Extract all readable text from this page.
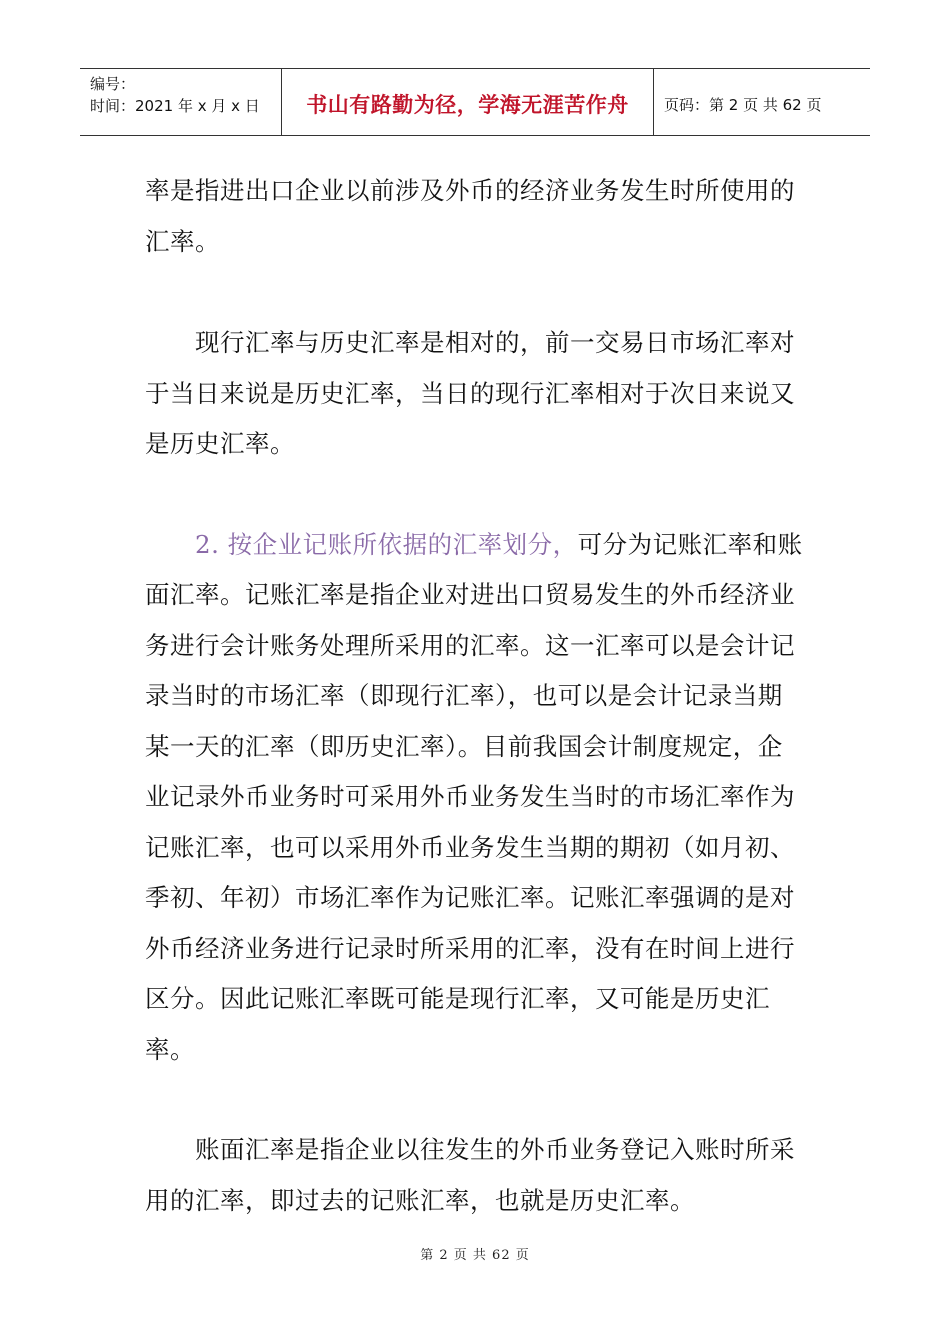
编号：
时间：2021 年 x 月 x 日	书山有路勤为径，学海无涯苦作舟 页码：第 2 页 共 62 页

率是指进出口企业以前涉及外币的经济业务发生时所使用的汇率。

现行汇率与历史汇率是相对的，前一交易日市场汇率对于当日来说是历史汇率，当日的现行汇率相对于次日来说又是历史汇率。

2. 按企业记账所依据的汇率划分，可分为记账汇率和账面汇率。记账汇率是指企业对进出口贸易发生的外币经济业务进行会计账务处理所采用的汇率。这一汇率可以是会计记录当时的市场汇率（即现行汇率），也可以是会计记录当期某一天的汇率（即历史汇率）。目前我国会计制度规定，企业记录外币业务时可采用外币业务发生当时的市场汇率作为记账汇率，也可以采用外币业务发生当期的期初（如月初、季初、年初）市场汇率作为记账汇率。记账汇率强调的是对外币经济业务进行记录时所采用的汇率，没有在时间上进行区分。因此记账汇率既可能是现行汇率，又可能是历史汇率。

账面汇率是指企业以往发生的外币业务登记入账时所采用的汇率，即过去的记账汇率，也就是历史汇率。

第 2 页 共 62 页
